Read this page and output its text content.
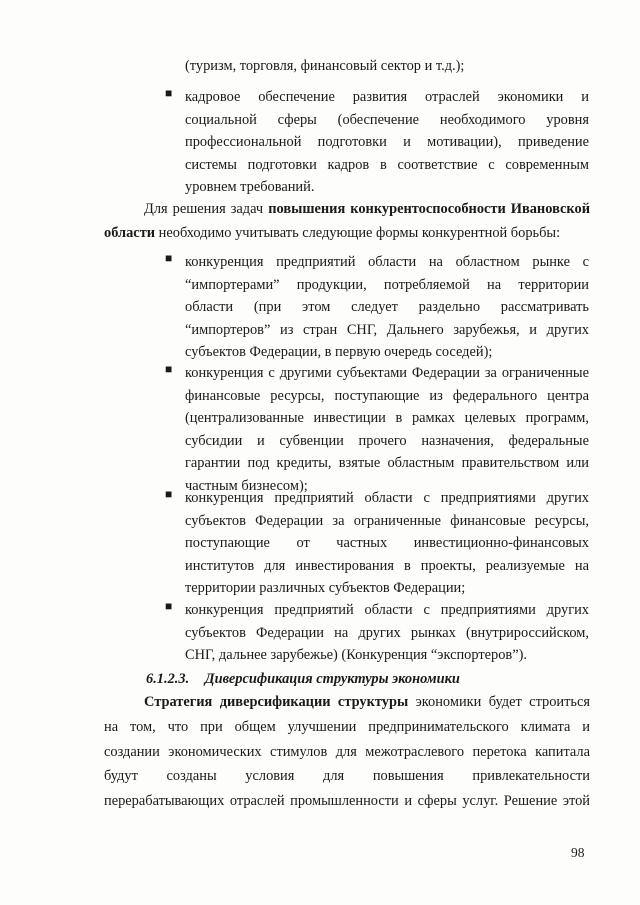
(туризм, торговля, финансовый сектор и т.д.);
■ кадровое обеспечение развития отраслей экономики и
социальной сферы (обеспечение необходимого уровня
профессиональной подготовки и мотивации), приведение
системы подготовки кадров в соответствие с современным
уровнем требований.
Для решения задач повышения конкурентоспособности Ивановской
области необходимо учитывать следующие формы конкурентной борьбы:
■ конкуренция предприятий области на областном рынке с
“импортерами” продукции, потребляемой на территории
области (при этом следует раздельно рассматривать
“импортеров” из стран СНГ, Дальнего зарубежья, и других
субъектов Федерации, в первую очередь соседей);
■ конкуренция с другими субъектами Федерации за ограниченные
финансовые ресурсы, поступающие из федерального центра
(централизованные инвестиции в рамках целевых программ,
субсидии и субвенции прочего назначения, федеральные
гарантии под кредиты, взятые областным правительством или
частным бизнесом);
■ конкуренция предприятий области с предприятиями других
субъектов Федерации за ограниченные финансовые ресурсы,
поступающие от частных инвестиционно-финансовых
институтов для инвестирования в проекты, реализуемые на
территории различных субъектов Федерации;
■ конкуренция предприятий области с предприятиями других
субъектов Федерации на других рынках (внутрироссийском,
СНГ, дальнее зарубежье) (Конкуренция “экспортеров”).
6.1.2.3. Диверсификация структуры экономики
Стратегия диверсификации структуры экономики будет строиться
на том, что при общем улучшении предпринимательского климата и
создании экономических стимулов для межотраслевого перетока капитала
будут созданы условия для повышения привлекательности
перерабатывающих отраслей промышленности и сферы услуг. Решение этой
98
